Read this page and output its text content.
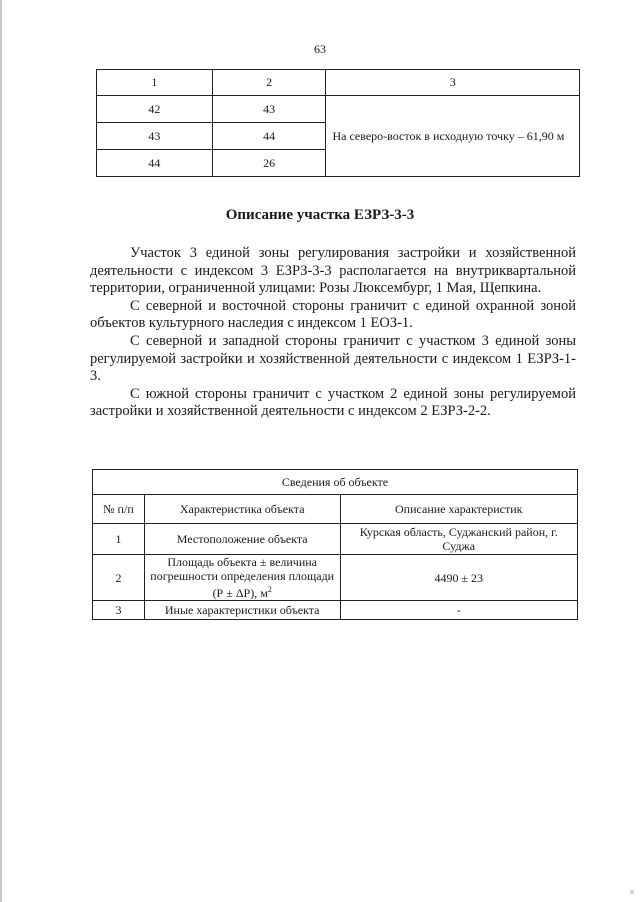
63
1	2	3
42	43	На северо-восток в исходную точку – 61,90 м
43	44	
44	26	
Описание участка ЕЗРЗ-3-3

Участок 3 единой зоны регулирования застройки и хозяйственной деятельности с индексом 3 ЕЗРЗ-3-3 располагается на внутриквартальной территории, ограниченной улицами: Розы Люксембург, 1 Мая, Щепкина.

С северной и восточной стороны граничит с единой охранной зоной объектов культурного наследия с индексом 1 ЕОЗ-1.

С северной и западной стороны граничит с участком 3 единой зоны регулируемой застройки и хозяйственной деятельности с индексом 1 ЕЗРЗ-1-3.

С южной стороны граничит с участком 2 единой зоны регулируемой застройки и хозяйственной деятельности с индексом 2 ЕЗРЗ-2-2.

Сведения об объекте		
№ п/п	Характеристика объекта	Описание характеристик
1	Местоположение объекта	Курская область, Суджанский район, г. Суджа
2	Площадь объекта ± величина погрешности определения площади (Р ± ΔР), $м^2$	4490 ± 23
3	Иные характеристики объекта	-
